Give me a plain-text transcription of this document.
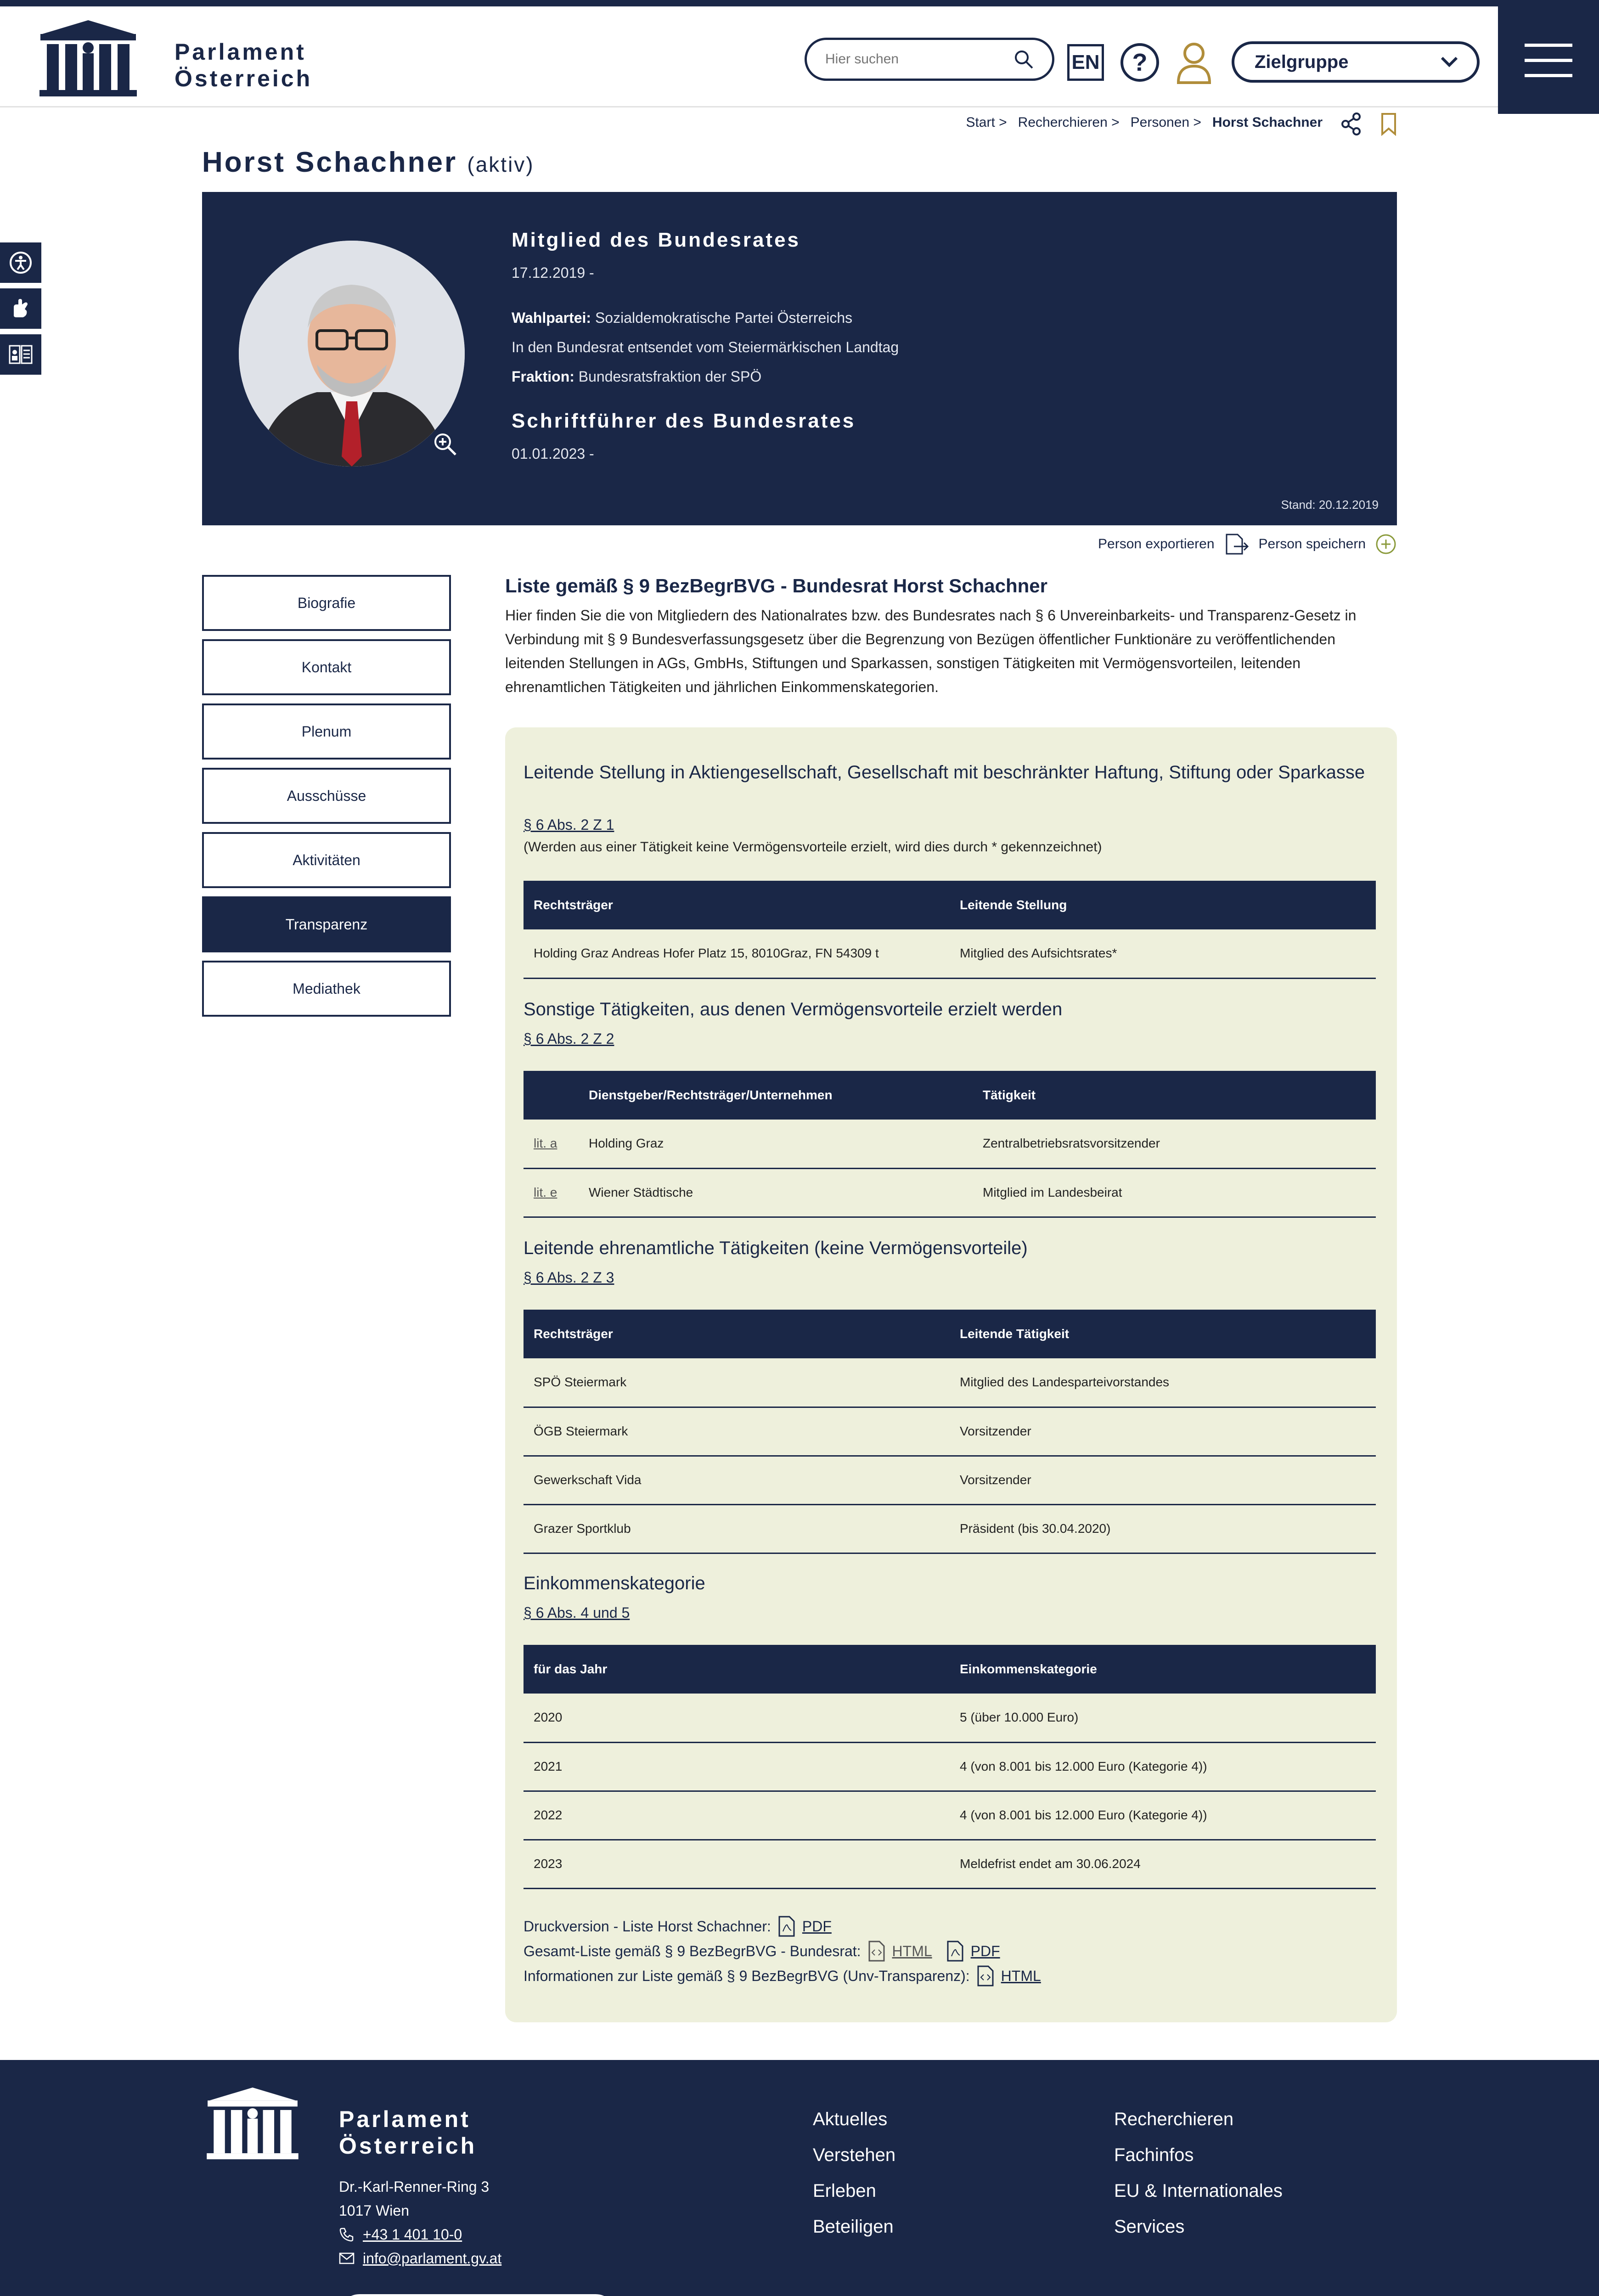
Parlament
Österreich
Hier suchen
EN	?	Zielgruppe
Start > Recherchieren > Personen > Horst Schachner
Horst Schachner (aktiv)
Mitglied des Bundesrates
17.12.2019 -
Wahlpartei: Sozialdemokratische Partei Österreichs
In den Bundesrat entsendet vom Steiermärkischen Landtag
Fraktion: Bundesratsfraktion der SPÖ
Schriftführer des Bundesrates
01.01.2023 -
Stand: 20.12.2019
Person exportieren	Person speichern
Biografie
Kontakt
Plenum
Ausschüsse
Aktivitäten
Transparenz
Mediathek
Liste gemäß § 9 BezBegrBVG - Bundesrat Horst Schachner
Hier finden Sie die von Mitgliedern des Nationalrates bzw. des Bundesrates nach § 6 Unvereinbarkeits- und Transparenz-Gesetz in Verbindung mit § 9 Bundesverfassungsgesetz über die Begrenzung von Bezügen öffentlicher Funktionäre zu veröffentlichenden leitenden Stellungen in AGs, GmbHs, Stiftungen und Sparkassen, sonstigen Tätigkeiten mit Vermögensvorteilen, leitenden ehrenamtlichen Tätigkeiten und jährlichen Einkommenskategorien.
Leitende Stellung in Aktiengesellschaft, Gesellschaft mit beschränkter Haftung, Stiftung oder Sparkasse
§ 6 Abs. 2 Z 1
(Werden aus einer Tätigkeit keine Vermögensvorteile erzielt, wird dies durch * gekennzeichnet)
Rechtsträger	Leitende Stellung
Holding Graz Andreas Hofer Platz 15, 8010Graz, FN 54309 t	Mitglied des Aufsichtsrates*
Sonstige Tätigkeiten, aus denen Vermögensvorteile erzielt werden
§ 6 Abs. 2 Z 2
	Dienstgeber/Rechtsträger/Unternehmen	Tätigkeit
lit. a	Holding Graz	Zentralbetriebsratsvorsitzender
lit. e	Wiener Städtische	Mitglied im Landesbeirat
Leitende ehrenamtliche Tätigkeiten (keine Vermögensvorteile)
§ 6 Abs. 2 Z 3
Rechtsträger	Leitende Tätigkeit
SPÖ Steiermark	Mitglied des Landesparteivorstandes
ÖGB Steiermark	Vorsitzender
Gewerkschaft Vida	Vorsitzender
Grazer Sportklub	Präsident (bis 30.04.2020)
Einkommenskategorie
§ 6 Abs. 4 und 5
für das Jahr	Einkommenskategorie
2020	5 (über 10.000 Euro)
2021	4 (von 8.001 bis 12.000 Euro (Kategorie 4))
2022	4 (von 8.001 bis 12.000 Euro (Kategorie 4))
2023	Meldefrist endet am 30.06.2024
Druckversion - Liste Horst Schachner: PDF
Gesamt-Liste gemäß § 9 BezBegrBVG - Bundesrat: HTML	PDF
Informationen zur Liste gemäß § 9 BezBegrBVG (Unv-Transparenz): HTML
Parlament
Österreich
Dr.-Karl-Renner-Ring 3
1017 Wien
+43 1 401 10-0
info@parlament.gv.at
Aktuelles
Verstehen
Erleben
Beteiligen
Recherchieren
Fachinfos
EU & Internationales
Services
